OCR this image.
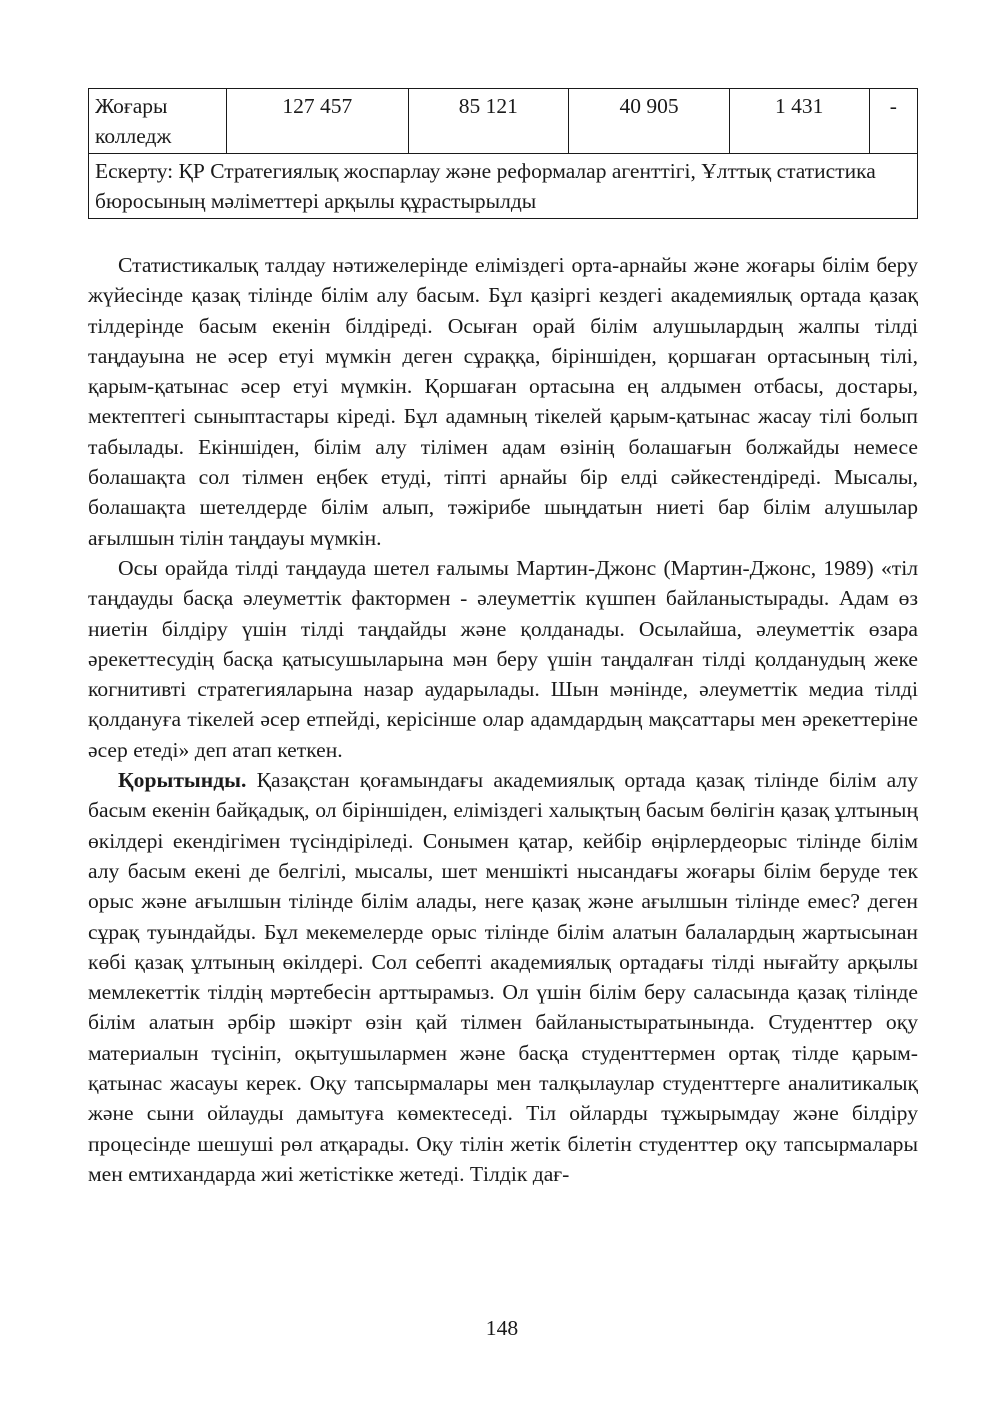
Жоғары колледж	127 457	85 121	40 905	1 431	-
Ескерту: ҚР Стратегиялық жоспарлау және реформалар агенттігі, Ұлттық статистика бюросының мәліметтері арқылы құрастырылды

Статистикалық талдау нәтижелерінде еліміздегі орта-арнайы және жоғары білім беру жүйесінде қазақ тілінде білім алу басым. Бұл қазіргі кездегі академиялық ортада қазақ тілдерінде басым екенін білдіреді. Осыған орай білім алушылардың жалпы тілді таңдауына не әсер етуі мүмкін деген сұраққа, біріншіден, қоршаған ортасының тілі, қарым-қатынас әсер етуі мүмкін. Қоршаған ортасына ең алдымен отбасы, достары, мектептегі сыныптастары кіреді. Бұл адамның тікелей қарым-қатынас жасау тілі болып табылады. Екіншіден, білім алу тілімен адам өзінің болашағын болжайды немесе болашақта сол тілмен еңбек етуді, тіпті арнайы бір елді сәйкестендіреді. Мысалы, болашақта шетелдерде білім алып, тәжірибе шыңдатын ниеті бар білім алушылар ағылшын тілін таңдауы мүмкін.

Осы орайда тілді таңдауда шетел ғалымы Мартин-Джонс (Мартин-Джонс, 1989) «тіл таңдауды басқа әлеуметтік фактормен - әлеуметтік күшпен байланыстырады. Адам өз ниетін білдіру үшін тілді таңдайды және қолданады. Осылайша, әлеуметтік өзара әрекеттесудің басқа қатысушыларына мән беру үшін таңдалған тілді қолданудың жеке когнитивті стратегияларына назар аударылады. Шын мәнінде, әлеуметтік медиа тілді қолдануға тікелей әсер етпейді, керісінше олар адамдардың мақсаттары мен әрекеттеріне әсер етеді» деп атап кеткен.

Қорытынды. Қазақстан қоғамындағы академиялық ортада қазақ тілінде білім алу басым екенін байқадық, ол біріншіден, еліміздегі халықтың басым бөлігін қазақ ұлтының өкілдері екендігімен түсіндіріледі. Сонымен қатар, кейбір өңірлердеорыс тілінде білім алу басым екені де белгілі, мысалы, шет меншікті нысандағы жоғары білім беруде тек орыс және ағылшын тілінде білім алады, неге қазақ және ағылшын тілінде емес? деген сұрақ туындайды. Бұл мекемелерде орыс тілінде білім алатын балалардың жартысынан көбі қазақ ұлтының өкілдері. Сол себепті академиялық ортадағы тілді нығайту арқылы мемлекеттік тілдің мәртебесін арттырамыз. Ол үшін білім беру саласында қазақ тілінде білім алатын әрбір шәкірт өзін қай тілмен байланыстыратынында. Студенттер оқу материалын түсініп, оқытушылармен және басқа студенттермен ортақ тілде қарым-қатынас жасауы керек. Оқу тапсырмалары мен талқылаулар студенттерге аналитикалық және сыни ойлауды дамытуға көмектеседі. Тіл ойларды тұжырымдау және білдіру процесінде шешуші рөл атқарады. Оқу тілін жетік білетін студенттер оқу тапсырмалары мен емтихандарда жиі жетістікке жетеді. Тілдік дағ-

148
